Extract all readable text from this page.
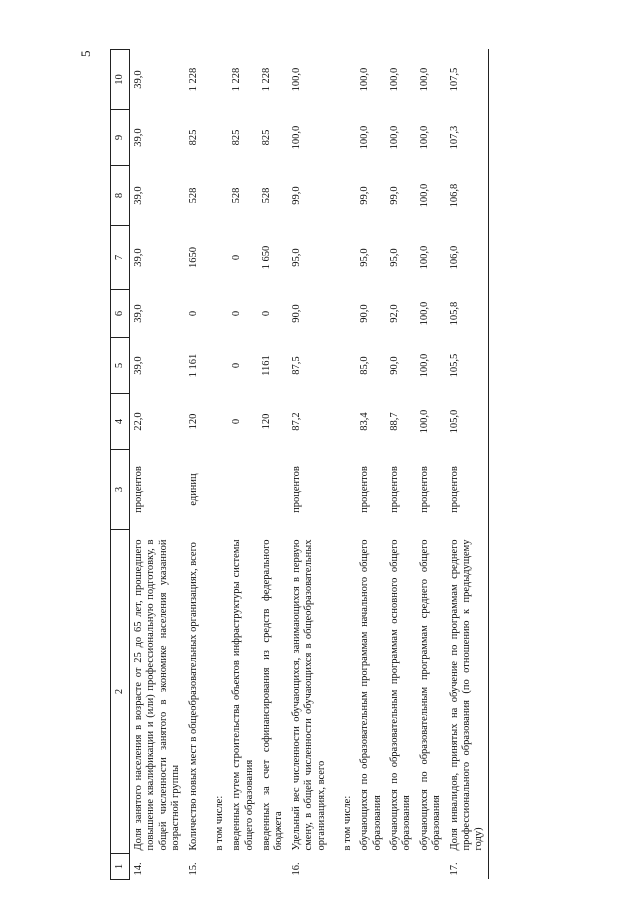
5
1	2	3	4	5	6	7	8	9	10
14.	Доля занятого населения в возрасте от 25 до 65 лет, прошедшего повышение квалификации и (или) профессиональную подготовку, в общей численности занятого в экономике населения указанной возрастной группы	процентов	22,0	39,0	39,0	39,0	39,0	39,0	39,0
15.	Количество новых мест в общеобразовательных организациях, всего	единиц	120	1 161	0	1650	528	825	1 228
	в том числе:								
	введенных путем строительства объектов инфраструктуры системы общего образования		0	0	0	0	528	825	1 228
	введенных за счет софинансирования из средств федерального бюджета		120	1161	0	1 650	528	825	1 228
16.	Удельный вес численности обучающихся, занимающихся в первую смену, в общей численности обучающихся в общеобразовательных организациях, всего	процентов	87,2	87,5	90,0	95,0	99,0	100,0	100,0
	в том числе:								
	обучающихся по образовательным программам начального общего образования	процентов	83,4	85,0	90,0	95,0	99,0	100,0	100,0
	обучающихся по образовательным программам основного общего образования	процентов	88,7	90,0	92,0	95,0	99,0	100,0	100,0
	обучающихся по образовательным программам среднего общего образования	процентов	100,0	100,0	100,0	100,0	100,0	100,0	100,0
17.	Доля инвалидов, принятых на обучение по программам среднего профессионального образования (по отношению к предыдущему году)	процентов	105,0	105,5	105,8	106,0	106,8	107,3	107,5
